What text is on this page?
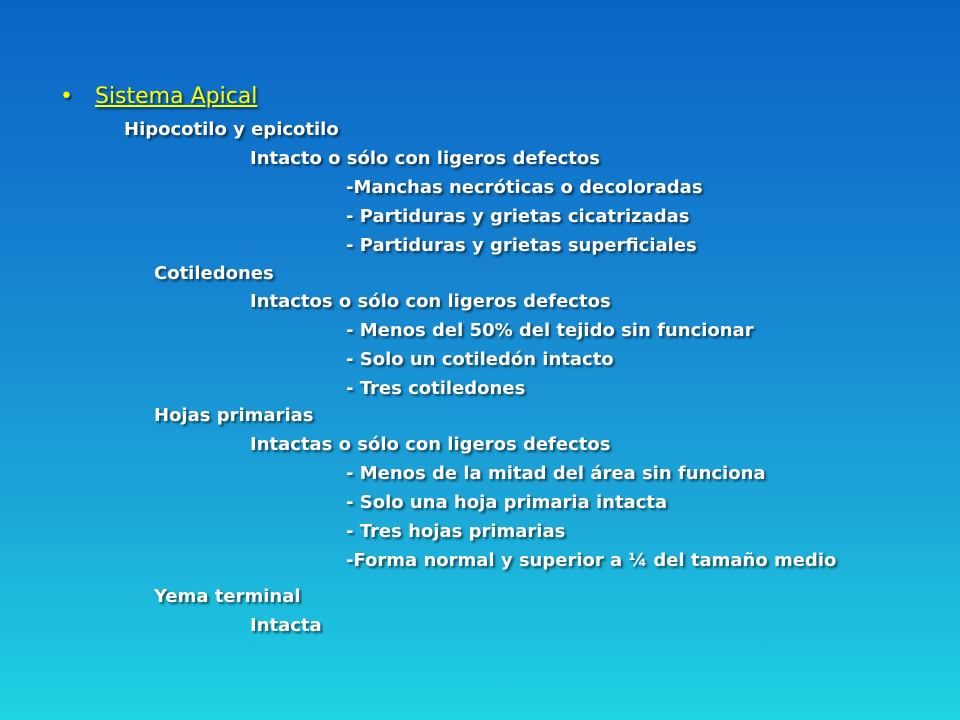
• Sistema Apical
Hipocotilo y epicotilo
Intacto o sólo con ligeros defectos
-Manchas necróticas o decoloradas
- Partiduras y grietas cicatrizadas
- Partiduras y grietas superficiales
Cotiledones
Intactos o sólo con ligeros defectos
- Menos del 50% del tejido sin funcionar
- Solo un cotiledón intacto
- Tres cotiledones
Hojas primarias
Intactas o sólo con ligeros defectos
- Menos de la mitad del área sin funciona
- Solo una hoja primaria intacta
- Tres hojas primarias
-Forma normal y superior a ¼ del tamaño medio
Yema terminal
Intacta
